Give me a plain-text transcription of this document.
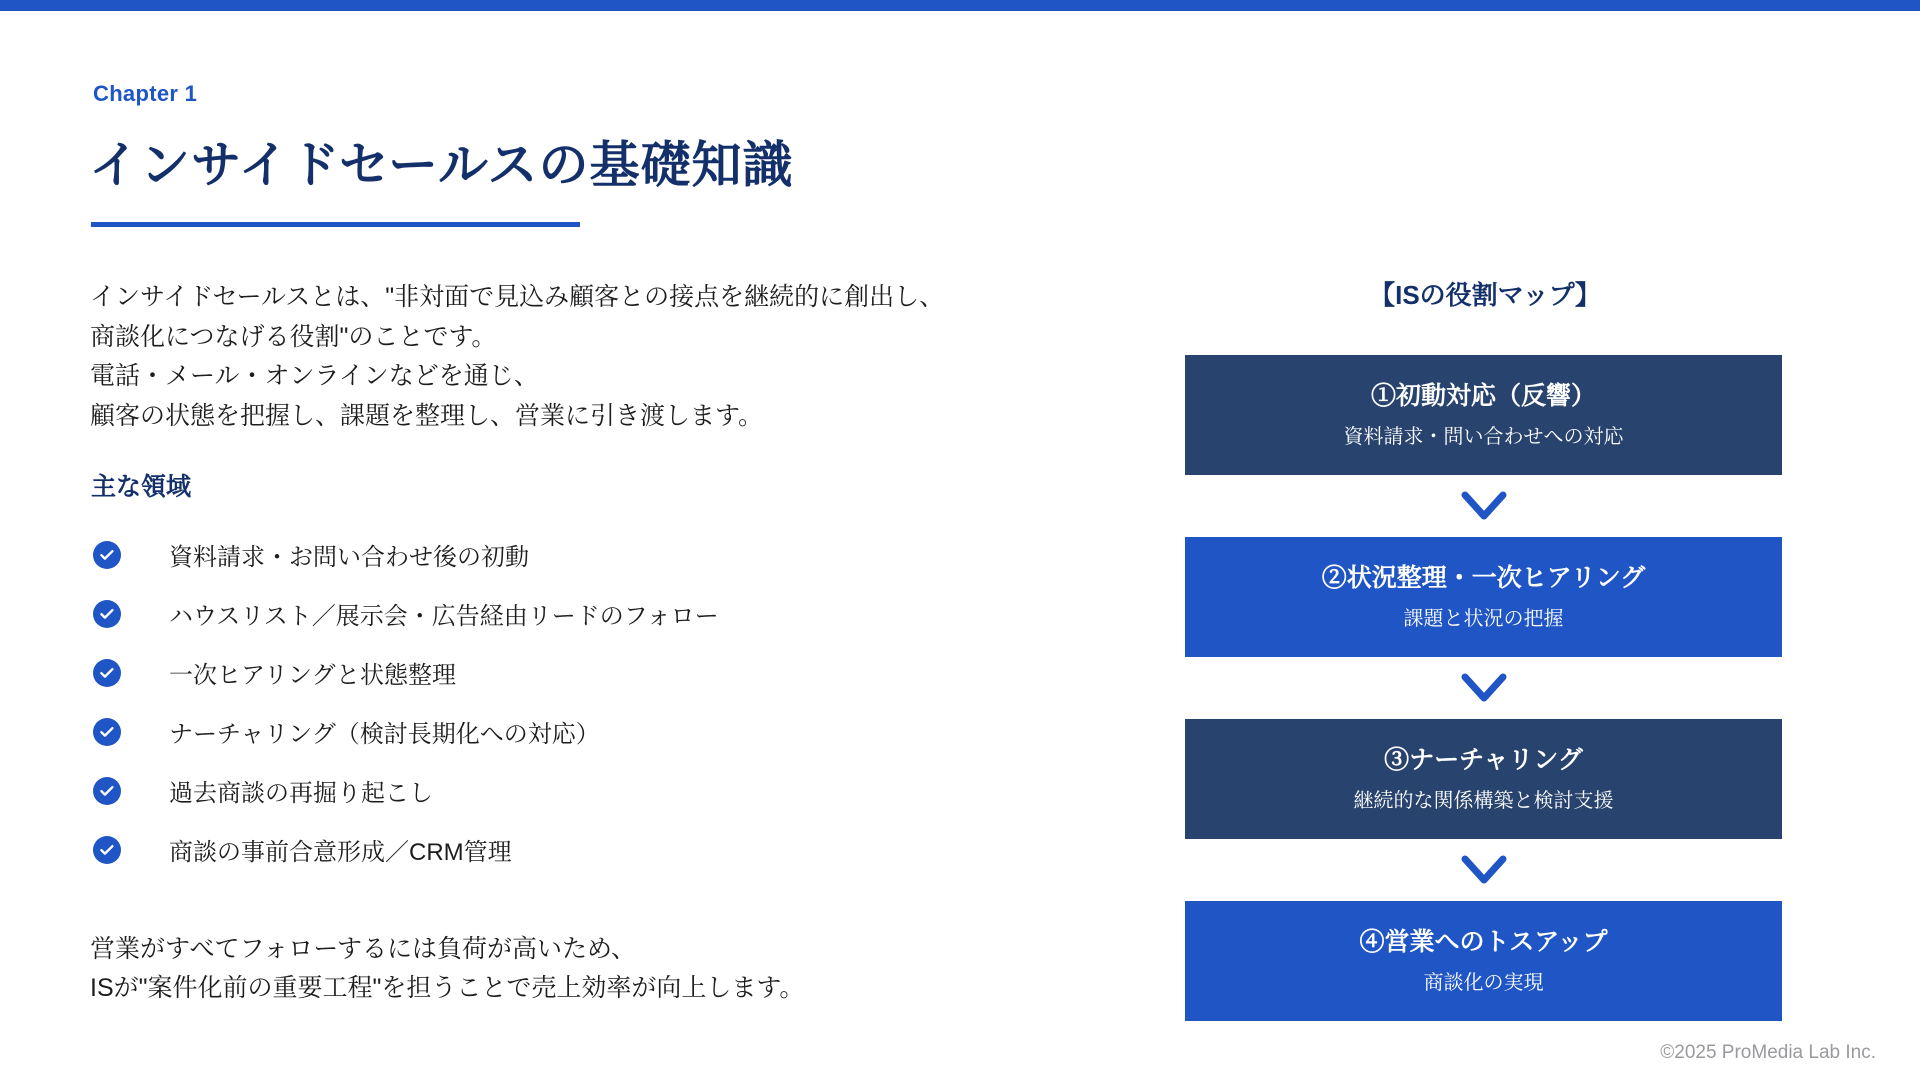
Chapter 1
インサイドセールスの基礎知識
インサイドセールスとは、"非対面で見込み顧客との接点を継続的に創出し、
商談化につなげる役割"のことです。
電話・メール・オンラインなどを通じ、
顧客の状態を把握し、課題を整理し、営業に引き渡します。
主な領域
資料請求・お問い合わせ後の初動
ハウスリスト／展示会・広告経由リードのフォロー
一次ヒアリングと状態整理
ナーチャリング（検討長期化への対応）
過去商談の再掘り起こし
商談の事前合意形成／CRM管理
営業がすべてフォローするには負荷が高いため、
ISが"案件化前の重要工程"を担うことで売上効率が向上します。
【ISの役割マップ】
①初動対応（反響）
資料請求・問い合わせへの対応
②状況整理・一次ヒアリング
課題と状況の把握
③ナーチャリング
継続的な関係構築と検討支援
④営業へのトスアップ
商談化の実現
©2025 ProMedia Lab Inc.
